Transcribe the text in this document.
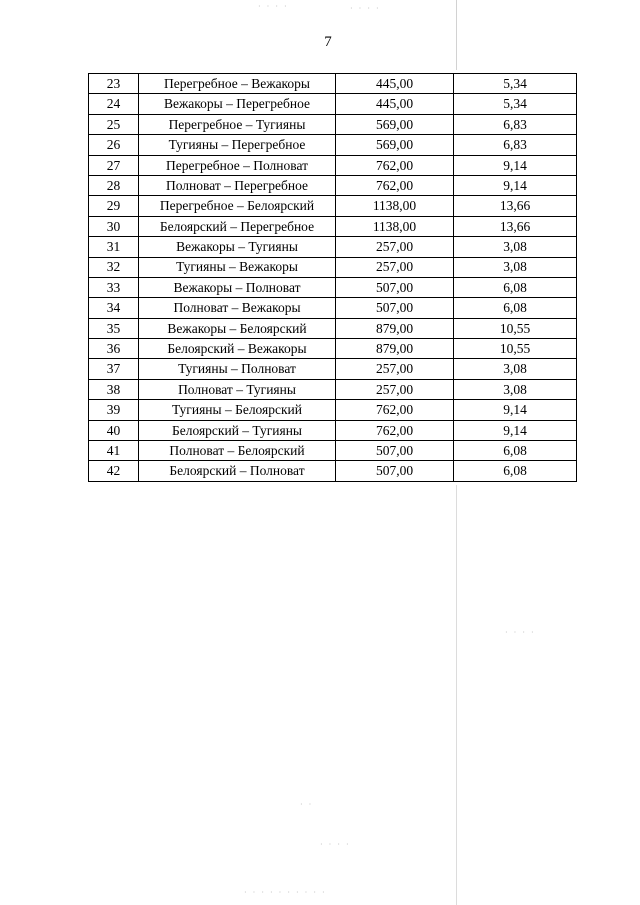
7
· · · ·	· · · ·
· ·
· · · ·
· · · · · · · · · ·
· · · ·
23	Перегребное – Вежакоры	445,00	5,34
24	Вежакоры – Перегребное	445,00	5,34
25	Перегребное – Тугияны	569,00	6,83
26	Тугияны – Перегребное	569,00	6,83
27	Перегребное – Полноват	762,00	9,14
28	Полноват – Перегребное	762,00	9,14
29	Перегребное – Белоярский	1138,00	13,66
30	Белоярский – Перегребное	1138,00	13,66
31	Вежакоры – Тугияны	257,00	3,08
32	Тугияны – Вежакоры	257,00	3,08
33	Вежакоры – Полноват	507,00	6,08
34	Полноват – Вежакоры	507,00	6,08
35	Вежакоры – Белоярский	879,00	10,55
36	Белоярский – Вежакоры	879,00	10,55
37	Тугияны – Полноват	257,00	3,08
38	Полноват – Тугияны	257,00	3,08
39	Тугияны – Белоярский	762,00	9,14
40	Белоярский – Тугияны	762,00	9,14
41	Полноват – Белоярский	507,00	6,08
42	Белоярский – Полноват	507,00	6,08
